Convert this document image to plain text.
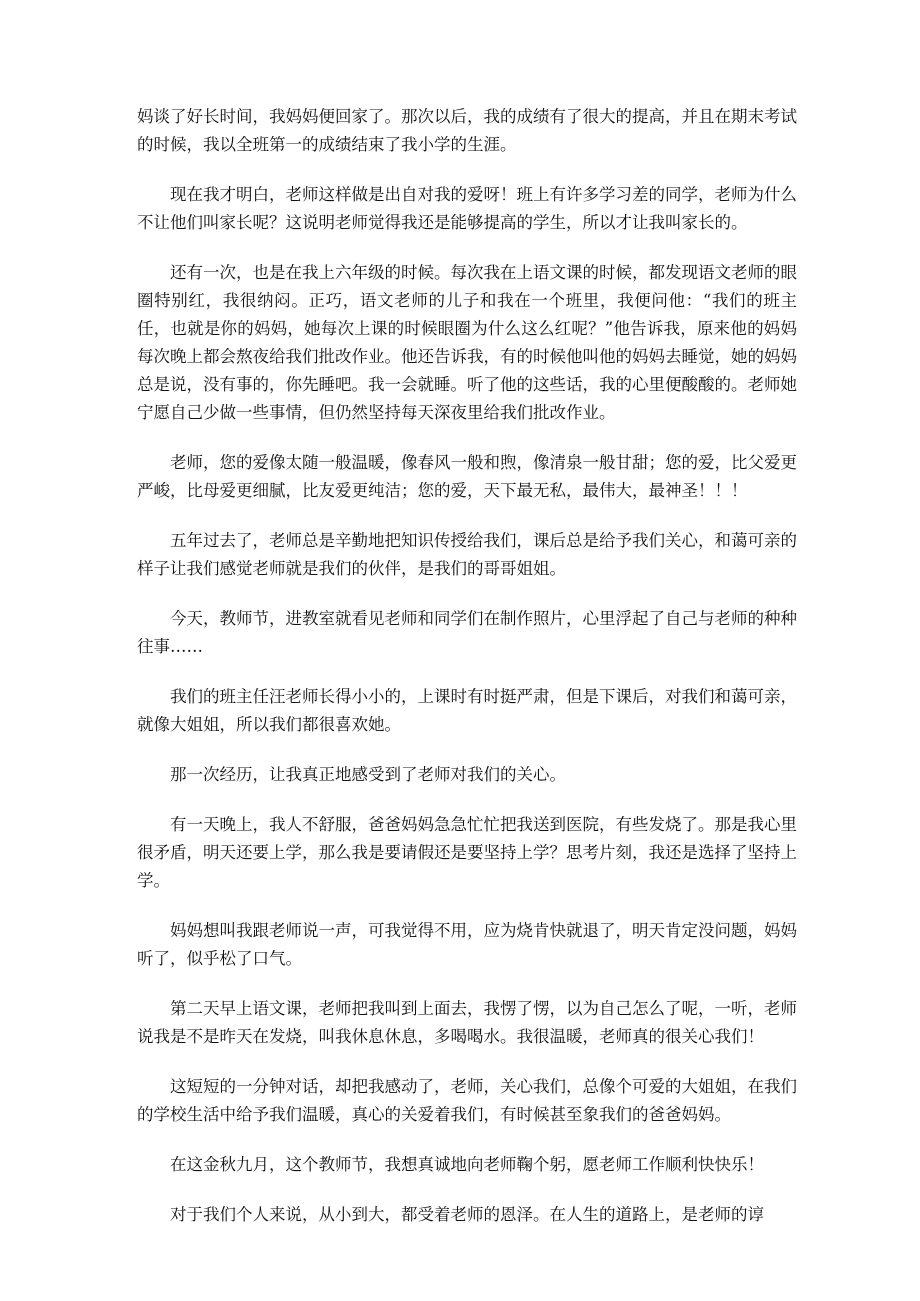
妈谈了好长时间，我妈妈便回家了。那次以后，我的成绩有了很大的提高，并且在期末考试的时候，我以全班第一的成绩结束了我小学的生涯。

现在我才明白，老师这样做是出自对我的爱呀！班上有许多学习差的同学，老师为什么不让他们叫家长呢？这说明老师觉得我还是能够提高的学生，所以才让我叫家长的。

还有一次，也是在我上六年级的时候。每次我在上语文课的时候，都发现语文老师的眼圈特别红，我很纳闷。正巧，语文老师的儿子和我在一个班里，我便问他：“我们的班主任，也就是你的妈妈，她每次上课的时候眼圈为什么这么红呢？”他告诉我，原来他的妈妈每次晚上都会熬夜给我们批改作业。他还告诉我，有的时候他叫他的妈妈去睡觉，她的妈妈总是说，没有事的，你先睡吧。我一会就睡。听了他的这些话，我的心里便酸酸的。老师她宁愿自己少做一些事情，但仍然坚持每天深夜里给我们批改作业。

老师，您的爱像太随一般温暖，像春风一般和煦，像清泉一般甘甜；您的爱，比父爱更严峻，比母爱更细腻，比友爱更纯洁；您的爱，天下最无私，最伟大，最神圣！！！

五年过去了，老师总是辛勤地把知识传授给我们，课后总是给予我们关心，和蔼可亲的样子让我们感觉老师就是我们的伙伴，是我们的哥哥姐姐。

今天，教师节，进教室就看见老师和同学们在制作照片，心里浮起了自己与老师的种种往事……

我们的班主任汪老师长得小小的，上课时有时挺严肃，但是下课后，对我们和蔼可亲，就像大姐姐，所以我们都很喜欢她。

那一次经历，让我真正地感受到了老师对我们的关心。

有一天晚上，我人不舒服，爸爸妈妈急急忙忙把我送到医院，有些发烧了。那是我心里很矛盾，明天还要上学，那么我是要请假还是要坚持上学？思考片刻，我还是选择了坚持上学。

妈妈想叫我跟老师说一声，可我觉得不用，应为烧肯快就退了，明天肯定没问题，妈妈听了，似乎松了口气。

第二天早上语文课，老师把我叫到上面去，我愣了愣，以为自己怎么了呢，一听，老师说我是不是昨天在发烧，叫我休息休息，多喝喝水。我很温暖，老师真的很关心我们！

这短短的一分钟对话，却把我感动了，老师，关心我们，总像个可爱的大姐姐，在我们的学校生活中给予我们温暖，真心的关爱着我们，有时候甚至象我们的爸爸妈妈。

在这金秋九月，这个教师节，我想真诚地向老师鞠个躬，愿老师工作顺利快快乐！

对于我们个人来说，从小到大，都受着老师的恩泽。在人生的道路上，是老师的谆
